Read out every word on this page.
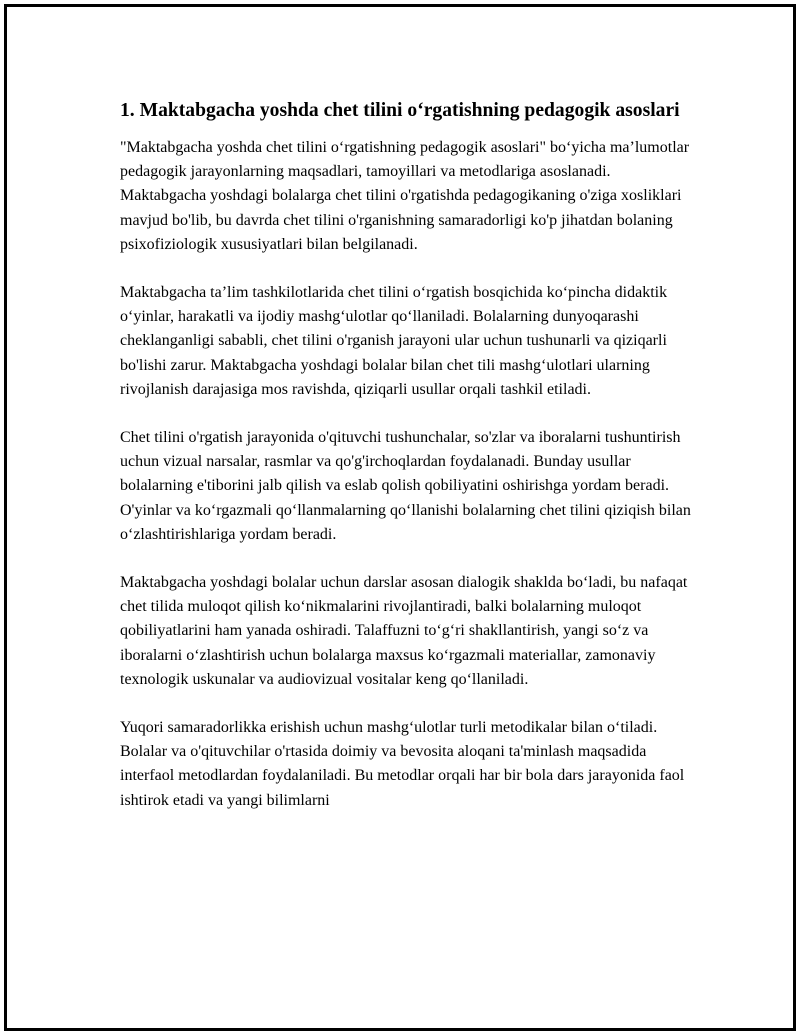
1. Maktabgacha yoshda chet tilini o‘rgatishning pedagogik asoslari

"Maktabgacha yoshda chet tilini o‘rgatishning pedagogik asoslari" bo‘yicha ma’lumotlar pedagogik jarayonlarning maqsadlari, tamoyillari va metodlariga asoslanadi. Maktabgacha yoshdagi bolalarga chet tilini o'rgatishda pedagogikaning o'ziga xosliklari mavjud bo'lib, bu davrda chet tilini o'rganishning samaradorligi ko'p jihatdan bolaning psixofiziologik xususiyatlari bilan belgilanadi.

Maktabgacha ta’lim tashkilotlarida chet tilini o‘rgatish bosqichida ko‘pincha didaktik o‘yinlar, harakatli va ijodiy mashg‘ulotlar qo‘llaniladi. Bolalarning dunyoqarashi cheklanganligi sababli, chet tilini o'rganish jarayoni ular uchun tushunarli va qiziqarli bo'lishi zarur. Maktabgacha yoshdagi bolalar bilan chet tili mashg‘ulotlari ularning rivojlanish darajasiga mos ravishda, qiziqarli usullar orqali tashkil etiladi.

Chet tilini o'rgatish jarayonida o'qituvchi tushunchalar, so'zlar va iboralarni tushuntirish uchun vizual narsalar, rasmlar va qo'g'irchoqlardan foydalanadi. Bunday usullar bolalarning e'tiborini jalb qilish va eslab qolish qobiliyatini oshirishga yordam beradi. O'yinlar va ko‘rgazmali qo‘llanmalarning qo‘llanishi bolalarning chet tilini qiziqish bilan o‘zlashtirishlariga yordam beradi.

Maktabgacha yoshdagi bolalar uchun darslar asosan dialogik shaklda bo‘ladi, bu nafaqat chet tilida muloqot qilish ko‘nikmalarini rivojlantiradi, balki bolalarning muloqot qobiliyatlarini ham yanada oshiradi. Talaffuzni to‘g‘ri shakllantirish, yangi so‘z va iboralarni o‘zlashtirish uchun bolalarga maxsus ko‘rgazmali materiallar, zamonaviy texnologik uskunalar va audiovizual vositalar keng qo‘llaniladi.

Yuqori samaradorlikka erishish uchun mashg‘ulotlar turli metodikalar bilan o‘tiladi. Bolalar va o'qituvchilar o'rtasida doimiy va bevosita aloqani ta'minlash maqsadida interfaol metodlardan foydalaniladi. Bu metodlar orqali har bir bola dars jarayonida faol ishtirok etadi va yangi bilimlarni
